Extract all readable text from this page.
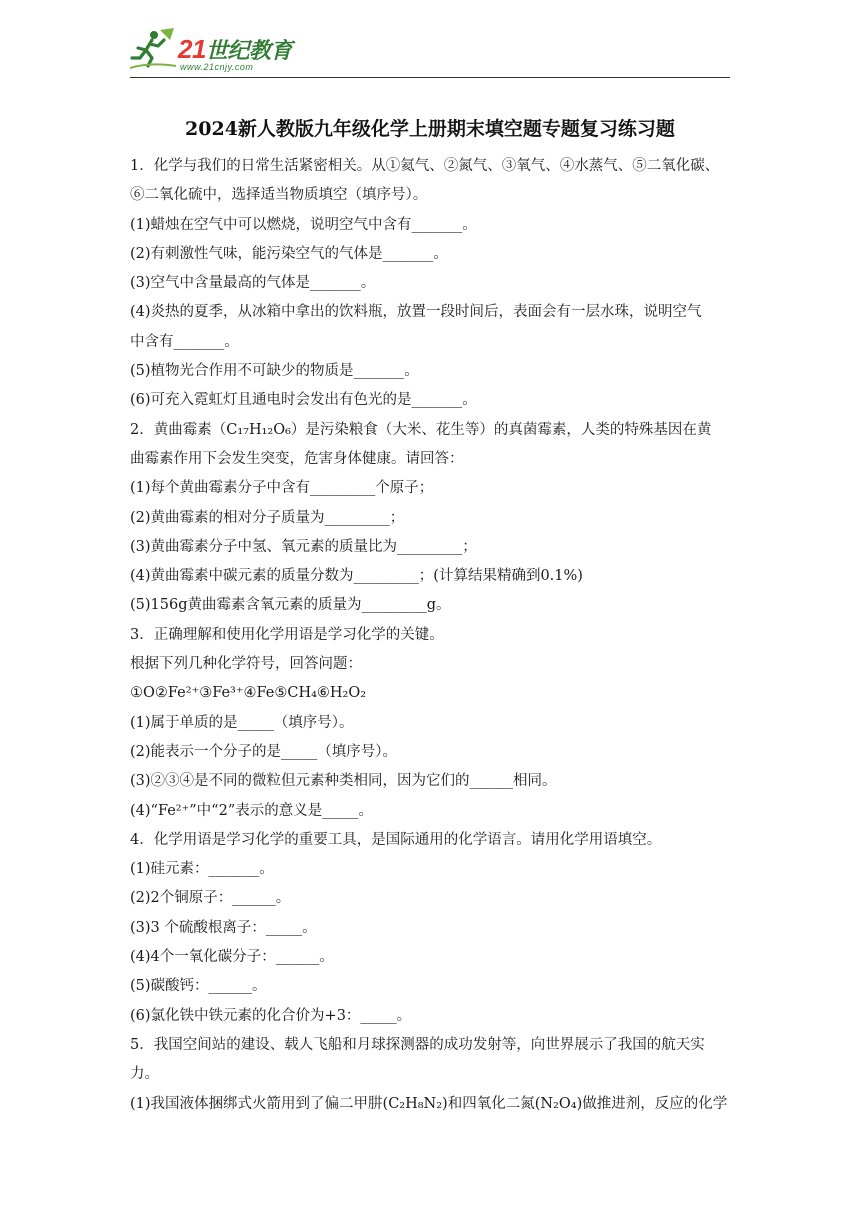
21世纪教育
www.21cnjy.com
2024新人教版九年级化学上册期末填空题专题复习练习题
1．化学与我们的日常生活紧密相关。从①氦气、②氮气、③氧气、④水蒸气、⑤二氧化碳、
⑥二氧化硫中，选择适当物质填空（填序号）。
(1)蜡烛在空气中可以燃烧，说明空气中含有_______。
(2)有刺激性气味，能污染空气的气体是_______。
(3)空气中含量最高的气体是_______。
(4)炎热的夏季，从冰箱中拿出的饮料瓶，放置一段时间后，表面会有一层水珠，说明空气
中含有_______。
(5)植物光合作用不可缺少的物质是_______。
(6)可充入霓虹灯且通电时会发出有色光的是_______。
2．黄曲霉素（C₁₇H₁₂O₆）是污染粮食（大米、花生等）的真菌霉素，人类的特殊基因在黄
曲霉素作用下会发生突变，危害身体健康。请回答：
(1)每个黄曲霉素分子中含有_________个原子；
(2)黄曲霉素的相对分子质量为_________；
(3)黄曲霉素分子中氢、氧元素的质量比为_________；
(4)黄曲霉素中碳元素的质量分数为_________；(计算结果精确到0.1%)
(5)156g黄曲霉素含氧元素的质量为_________g。
3．正确理解和使用化学用语是学习化学的关键。
根据下列几种化学符号，回答问题：
①O②Fe²⁺③Fe³⁺④Fe⑤CH₄⑥H₂O₂
(1)属于单质的是_____（填序号）。
(2)能表示一个分子的是_____（填序号）。
(3)②③④是不同的微粒但元素种类相同，因为它们的______相同。
(4)“Fe²⁺”中“2”表示的意义是_____。
4．化学用语是学习化学的重要工具，是国际通用的化学语言。请用化学用语填空。
(1)硅元素：_______。
(2)2个铜原子：______。
(3)3 个硫酸根离子：_____。
(4)4个一氧化碳分子：______。
(5)碳酸钙：______。
(6)氯化铁中铁元素的化合价为+3：_____。
5．我国空间站的建设、载人飞船和月球探测器的成功发射等，向世界展示了我国的航天实
力。
(1)我国液体捆绑式火箭用到了偏二甲肼(C₂H₈N₂)和四氧化二氮(N₂O₄)做推进剂，反应的化学
